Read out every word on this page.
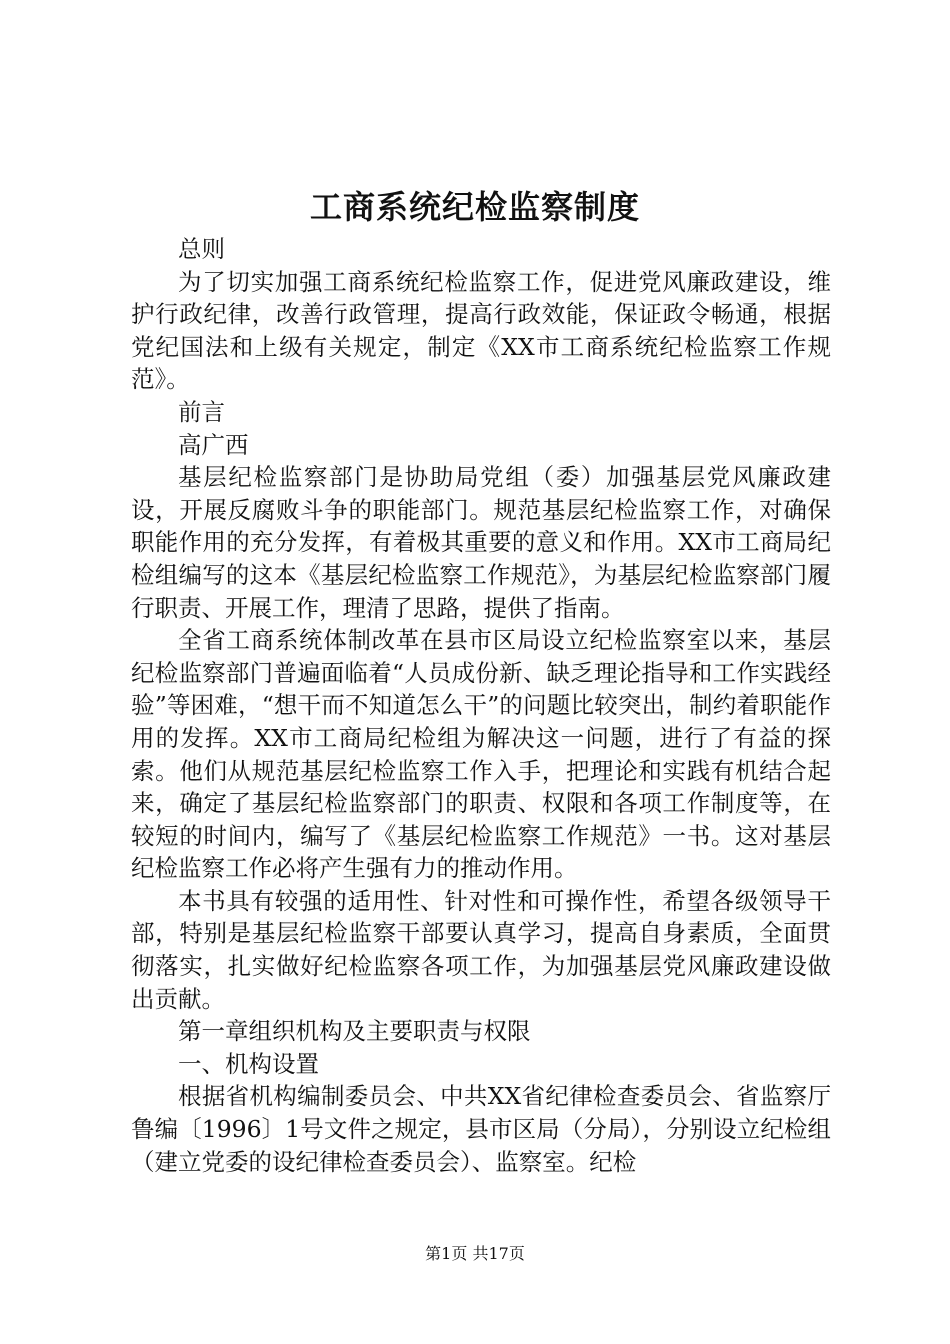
工商系统纪检监察制度

总则

为了切实加强工商系统纪检监察工作，促进党风廉政建设，维护行政纪律，改善行政管理，提高行政效能，保证政令畅通，根据党纪国法和上级有关规定，制定《XX市工商系统纪检监察工作规范》。

前言

高广西

基层纪检监察部门是协助局党组（委）加强基层党风廉政建设，开展反腐败斗争的职能部门。规范基层纪检监察工作，对确保职能作用的充分发挥，有着极其重要的意义和作用。XX市工商局纪检组编写的这本《基层纪检监察工作规范》，为基层纪检监察部门履行职责、开展工作，理清了思路，提供了指南。

全省工商系统体制改革在县市区局设立纪检监察室以来，基层纪检监察部门普遍面临着“人员成份新、缺乏理论指导和工作实践经验”等困难，“想干而不知道怎么干”的问题比较突出，制约着职能作用的发挥。XX市工商局纪检组为解决这一问题，进行了有益的探索。他们从规范基层纪检监察工作入手，把理论和实践有机结合起来，确定了基层纪检监察部门的职责、权限和各项工作制度等，在较短的时间内，编写了《基层纪检监察工作规范》一书。这对基层纪检监察工作必将产生强有力的推动作用。

本书具有较强的适用性、针对性和可操作性，希望各级领导干部，特别是基层纪检监察干部要认真学习，提高自身素质，全面贯彻落实，扎实做好纪检监察各项工作，为加强基层党风廉政建设做出贡献。

第一章组织机构及主要职责与权限

一、机构设置

根据省机构编制委员会、中共XX省纪律检查委员会、省监察厅鲁编〔1996〕1号文件之规定，县市区局（分局），分别设立纪检组（建立党委的设纪律检查委员会）、监察室。纪检

第1页 共17页
